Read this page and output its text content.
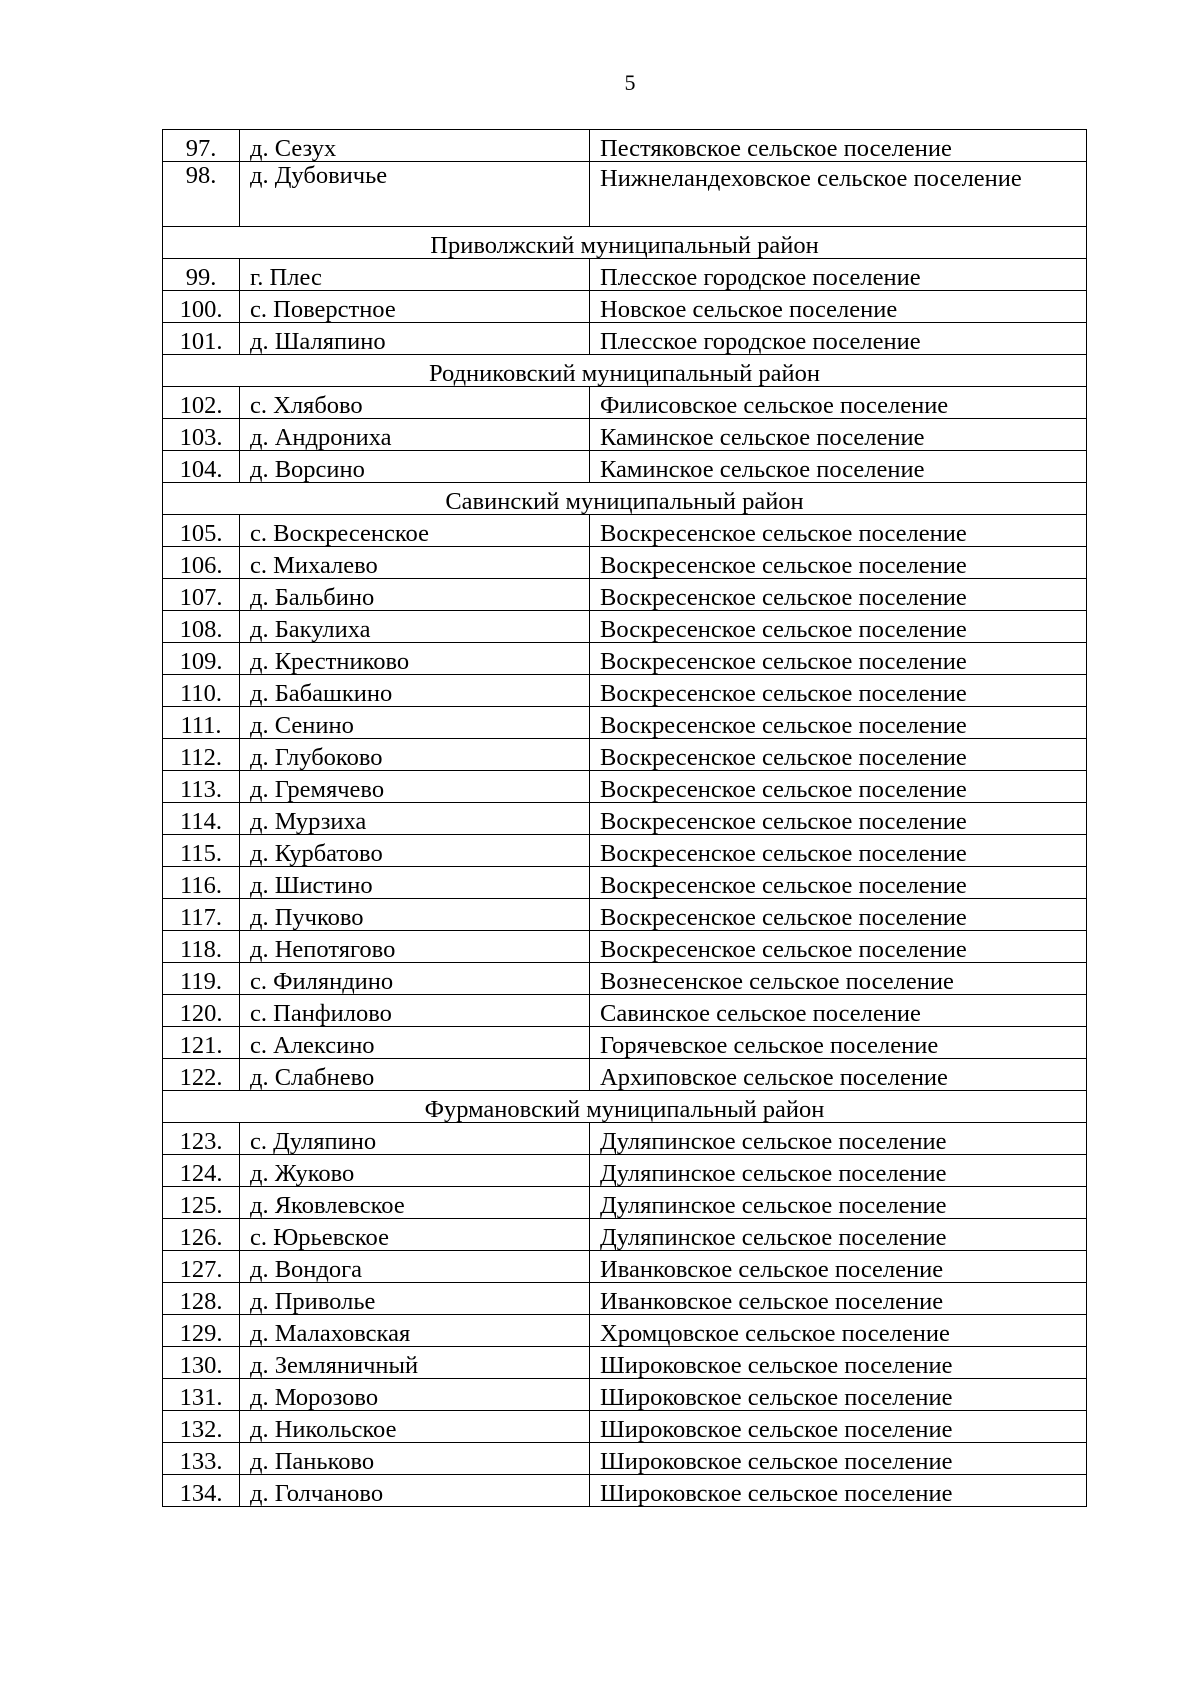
5
97.	д. Сезух	Пестяковское сельское поселение
98.	д. Дубовичье	Нижнеландеховское сельское поселение
Приволжский муниципальный район		
99.	г. Плес	Плесское городское поселение
100.	с. Поверстное	Новское сельское поселение
101.	д. Шаляпино	Плесское городское поселение
Родниковский муниципальный район		
102.	с. Хлябово	Филисовское сельское поселение
103.	д. Андрониха	Каминское сельское поселение
104.	д. Ворсино	Каминское сельское поселение
Савинский муниципальный район		
105.	с. Воскресенское	Воскресенское сельское поселение
106.	с. Михалево	Воскресенское сельское поселение
107.	д. Бальбино	Воскресенское сельское поселение
108.	д. Бакулиха	Воскресенское сельское поселение
109.	д. Крестниково	Воскресенское сельское поселение
110.	д. Бабашкино	Воскресенское сельское поселение
111.	д. Сенино	Воскресенское сельское поселение
112.	д. Глубоково	Воскресенское сельское поселение
113.	д. Гремячево	Воскресенское сельское поселение
114.	д. Мурзиха	Воскресенское сельское поселение
115.	д. Курбатово	Воскресенское сельское поселение
116.	д. Шистино	Воскресенское сельское поселение
117.	д. Пучково	Воскресенское сельское поселение
118.	д. Непотягово	Воскресенское сельское поселение
119.	с. Филяндино	Вознесенское сельское поселение
120.	с. Панфилово	Савинское сельское поселение
121.	с. Алексино	Горячевское сельское поселение
122.	д. Слабнево	Архиповское сельское поселение
Фурмановский муниципальный район		
123.	с. Дуляпино	Дуляпинское сельское поселение
124.	д. Жуково	Дуляпинское сельское поселение
125.	д. Яковлевское	Дуляпинское сельское поселение
126.	с. Юрьевское	Дуляпинское сельское поселение
127.	д. Вондога	Иванковское сельское поселение
128.	д. Приволье	Иванковское сельское поселение
129.	д. Малаховская	Хромцовское сельское поселение
130.	д. Земляничный	Широковское сельское поселение
131.	д. Морозово	Широковское сельское поселение
132.	д. Никольское	Широковское сельское поселение
133.	д. Паньково	Широковское сельское поселение
134.	д. Голчаново	Широковское сельское поселение
